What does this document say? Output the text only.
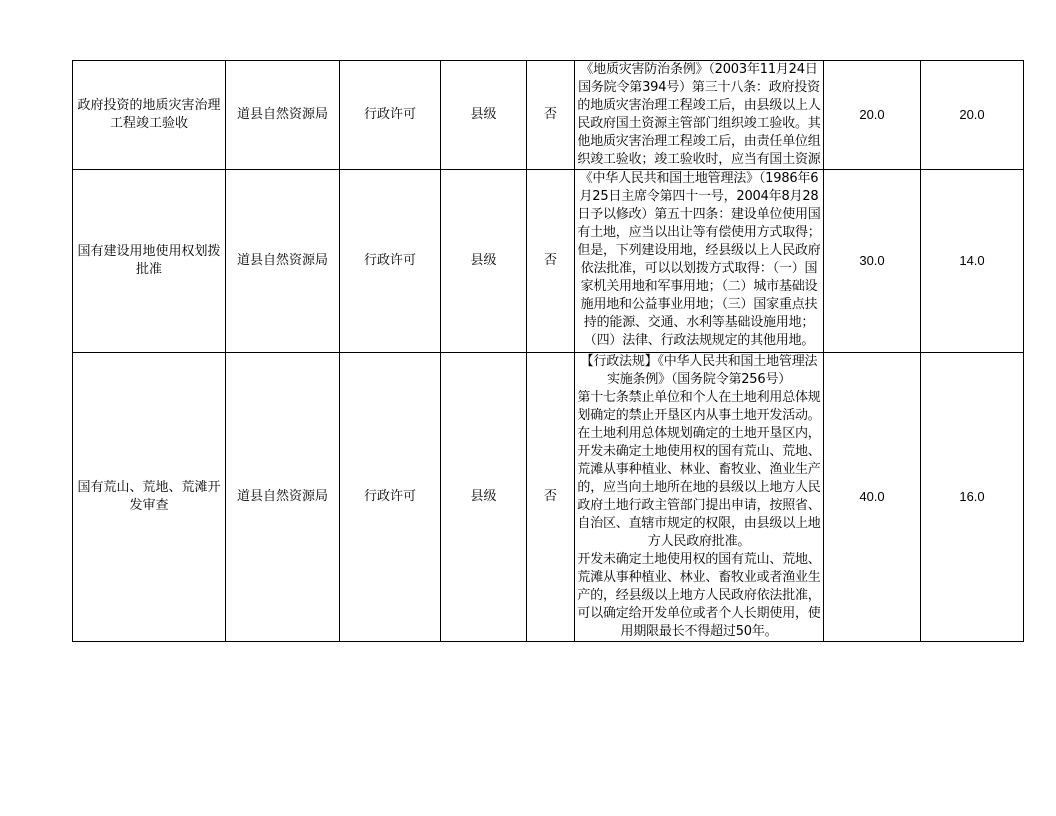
政府投资的地质灾害治理工程竣工验收	道县自然资源局	行政许可	县级	否	《地质灾害防治条例》（2003年11月24日国务院令第394号）第三十八条：政府投资的地质灾害治理工程竣工后，由县级以上人民政府国土资源主管部门组织竣工验收。其他地质灾害治理工程竣工后，由责任单位组织竣工验收；竣工验收时，应当有国土资源	20.0	20.0
国有建设用地使用权划拨批准	道县自然资源局	行政许可	县级	否	《中华人民共和国土地管理法》（1986年6月25日主席令第四十一号，2004年8月28日予以修改）第五十四条：建设单位使用国有土地，应当以出让等有偿使用方式取得；但是，下列建设用地，经县级以上人民政府依法批准，可以以划拨方式取得：（一）国家机关用地和军事用地；（二）城市基础设施用地和公益事业用地；（三）国家重点扶持的能源、交通、水利等基础设施用地；（四）法律、行政法规规定的其他用地。	30.0	14.0
国有荒山、荒地、荒滩开发审查	道县自然资源局	行政许可	县级	否	【行政法规】《中华人民共和国土地管理法实施条例》（国务院令第256号）
第十七条禁止单位和个人在土地利用总体规划确定的禁止开垦区内从事土地开发活动。
在土地利用总体规划确定的土地开垦区内，开发未确定土地使用权的国有荒山、荒地、荒滩从事种植业、林业、畜牧业、渔业生产的，应当向土地所在地的县级以上地方人民政府土地行政主管部门提出申请，按照省、自治区、直辖市规定的权限，由县级以上地方人民政府批准。
开发未确定土地使用权的国有荒山、荒地、荒滩从事种植业、林业、畜牧业或者渔业生产的，经县级以上地方人民政府依法批准，可以确定给开发单位或者个人长期使用，使用期限最长不得超过50年。	40.0	16.0
